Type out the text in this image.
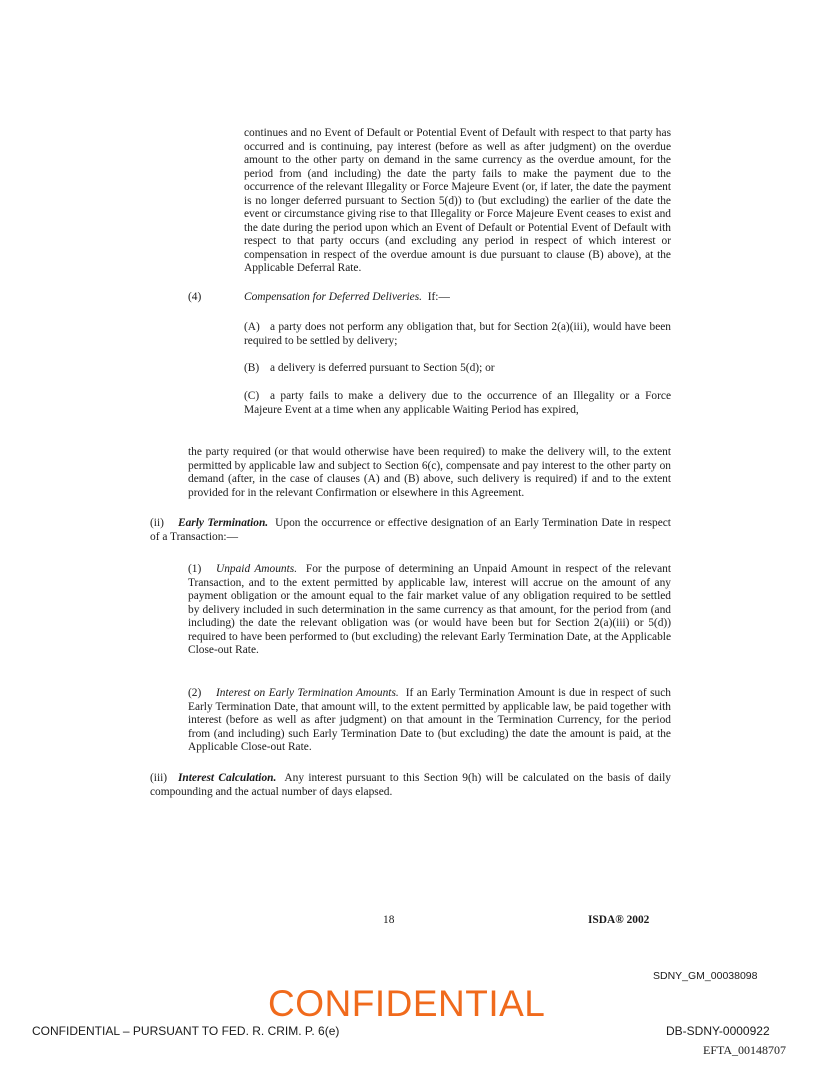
continues and no Event of Default or Potential Event of Default with respect to that party has occurred and is continuing, pay interest (before as well as after judgment) on the overdue amount to the other party on demand in the same currency as the overdue amount, for the period from (and including) the date the party fails to make the payment due to the occurrence of the relevant Illegality or Force Majeure Event (or, if later, the date the payment is no longer deferred pursuant to Section 5(d)) to (but excluding) the earlier of the date the event or circumstance giving rise to that Illegality or Force Majeure Event ceases to exist and the date during the period upon which an Event of Default or Potential Event of Default with respect to that party occurs (and excluding any period in respect of which interest or compensation in respect of the overdue amount is due pursuant to clause (B) above), at the Applicable Deferral Rate.

(4)	Compensation for Deferred Deliveries. If:—

(A) a party does not perform any obligation that, but for Section 2(a)(iii), would have been required to be settled by delivery;

(B) a delivery is deferred pursuant to Section 5(d); or

(C) a party fails to make a delivery due to the occurrence of an Illegality or a Force Majeure Event at a time when any applicable Waiting Period has expired,

the party required (or that would otherwise have been required) to make the delivery will, to the extent permitted by applicable law and subject to Section 6(c), compensate and pay interest to the other party on demand (after, in the case of clauses (A) and (B) above, such delivery is required) if and to the extent provided for in the relevant Confirmation or elsewhere in this Agreement.

(ii) Early Termination. Upon the occurrence or effective designation of an Early Termination Date in respect of a Transaction:—

(1) Unpaid Amounts. For the purpose of determining an Unpaid Amount in respect of the relevant Transaction, and to the extent permitted by applicable law, interest will accrue on the amount of any payment obligation or the amount equal to the fair market value of any obligation required to be settled by delivery included in such determination in the same currency as that amount, for the period from (and including) the date the relevant obligation was (or would have been but for Section 2(a)(iii) or 5(d)) required to have been performed to (but excluding) the relevant Early Termination Date, at the Applicable Close-out Rate.

(2) Interest on Early Termination Amounts. If an Early Termination Amount is due in respect of such Early Termination Date, that amount will, to the extent permitted by applicable law, be paid together with interest (before as well as after judgment) on that amount in the Termination Currency, for the period from (and including) such Early Termination Date to (but excluding) the date the amount is paid, at the Applicable Close-out Rate.

(iii) Interest Calculation. Any interest pursuant to this Section 9(h) will be calculated on the basis of daily compounding and the actual number of days elapsed.

18	ISDA® 2002
SDNY_GM_00038098
CONFIDENTIAL
CONFIDENTIAL – PURSUANT TO FED. R. CRIM. P. 6(e)	DB-SDNY-0000922
EFTA_00148707
